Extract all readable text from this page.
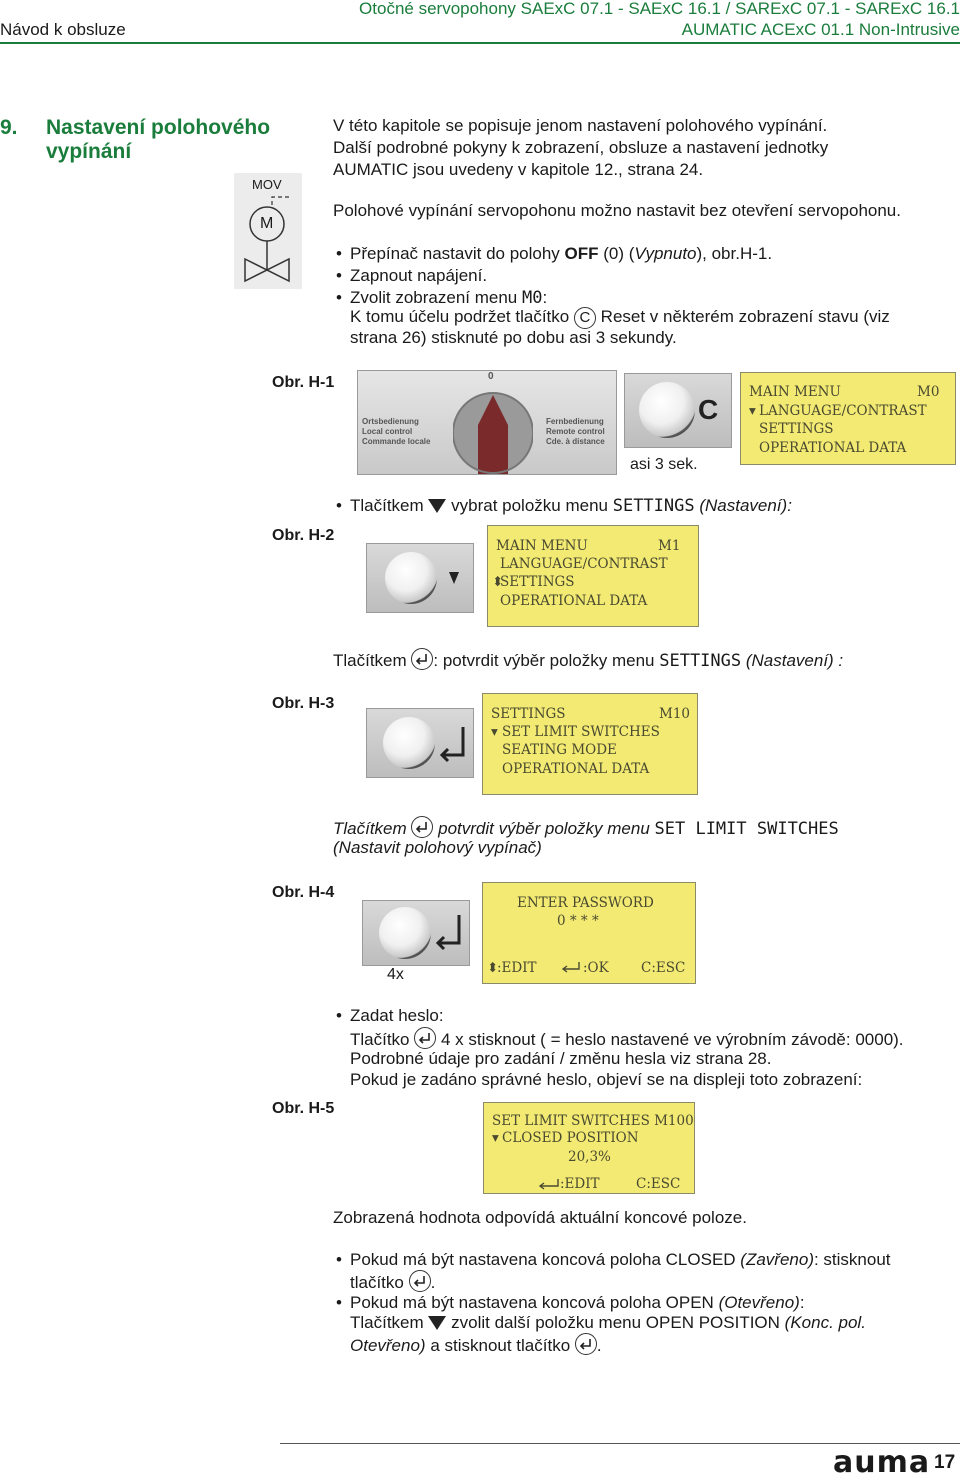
Návod k obsluze
Otočné servopohony SAExC 07.1 - SAExC 16.1 / SARExC 07.1 - SARExC 16.1
AUMATIC ACExC 01.1 Non-Intrusive
9. Nastavení polohového
vypínání
MOV
M
V této kapitole se popisuje jenom nastavení polohového vypínání.
Další podrobné pokyny k zobrazení, obsluze a nastavení jednotky
AUMATIC jsou uvedeny v kapitole 12., strana 24.
Polohové vypínání servopohonu možno nastavit bez otevření servopohonu.
• Přepínač nastavit do polohy OFF (0) (Vypnuto), obr.H-1.
• Zapnout napájení.
• Zvolit zobrazení menu M0:
K tomu účelu podržet tlačítko C Reset v některém zobrazení stavu (viz
strana 26) stisknuté po dobu asi 3 sekundy.
Obr. H-1
Ortsbedienung
Local control
Commande locale
Fernbedienung
Remote control
Cde. à distance
0
C
asi 3 sek.
MAIN MENU	M0
▾ LANGUAGE/CONTRAST
SETTINGS
OPERATIONAL DATA
• Tlačítkem  vybrat položku menu SETTINGS (Nastavení):
Obr. H-2
MAIN MENU	M1
LANGUAGE/CONTRAST
⬍
SETTINGS
OPERATIONAL DATA
Tlačítkem
: potvrdit výběr položky menu SETTINGS (Nastavení) :
Obr. H-3
SETTINGS	M10
▾ SET LIMIT SWITCHES
SEATING MODE
OPERATIONAL DATA
Tlačítkem
potvrdit výběr položky menu SET LIMIT SWITCHES
(Nastavit polohový vypínač)
Obr. H-4
4x
ENTER PASSWORD
0 * * *
⬍
:EDIT	:OK C:ESC
• Zadat heslo:
Tlačítko
4 x stisknout ( = heslo nastavené ve výrobním závodě: 0000).
Podrobné údaje pro zadání / změnu hesla viz strana 28.
Pokud je zadáno správné heslo, objeví se na displeji toto zobrazení:
Obr. H-5
SET LIMIT SWITCHES M100
▾ CLOSED POSITION
20,3%
:EDIT	C:ESC
Zobrazená hodnota odpovídá aktuální koncové poloze.
• Pokud má být nastavena koncová poloha CLOSED (Zavřeno): stisknout
tlačítko
.
• Pokud má být nastavena koncová poloha OPEN (Otevřeno):
Tlačítkem  zvolit další položku menu OPEN POSITION (Konc. pol.
Otevřeno) a stisknout tlačítko
.
auma 17
